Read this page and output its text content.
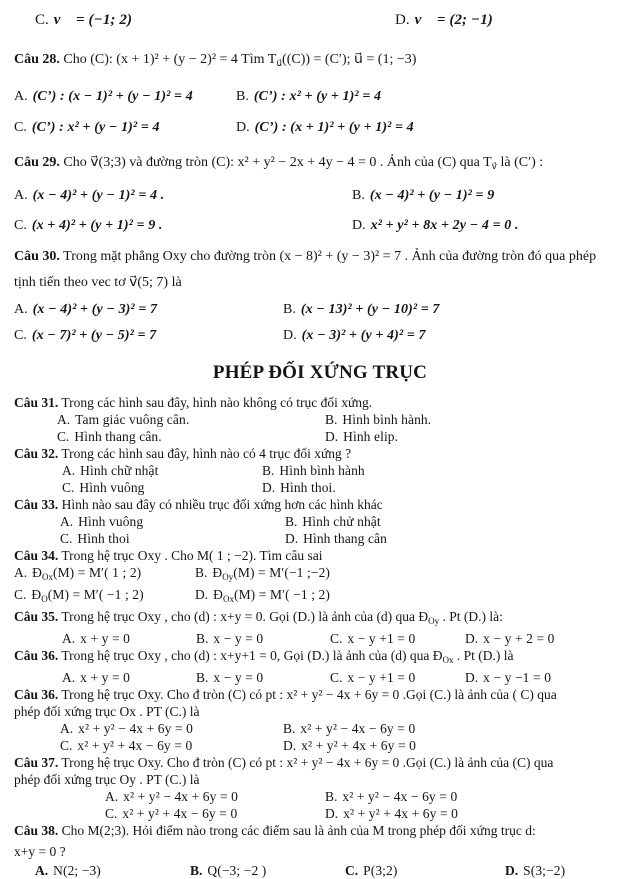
C. v⃗ = (−1; 2)	D. v⃗ = (2; −1)
Câu 28. Cho (C): (x + 1)² + (y − 2)² = 4 Tìm $T_{u⃗}((C)) = (C')$; u⃗ = (1; −3)
A. (C’) : (x − 1)² + (y − 1)² = 4	B. (C’) : x² + (y + 1)² = 4
C. (C’) : x² + (y − 1)² = 4	D. (C’) : (x + 1)² + (y + 1)² = 4
Câu 29. Cho v⃗(3;3) và đường tròn (C): x² + y² − 2x + 4y − 4 = 0 . Ảnh của (C) qua $T_{v⃗}$ là (C′) :
A. (x − 4)² + (y − 1)² = 4 .	B. (x − 4)² + (y − 1)² = 9
C. (x + 4)² + (y + 1)² = 9 .	D. x² + y² + 8x + 2y − 4 = 0 .
Câu 30. Trong mặt phẳng Oxy cho đường tròn (x − 8)² + (y − 3)² = 7 . Ảnh của đường tròn đó qua phép
tịnh tiến theo vec tơ v⃗(5; 7) là
A. (x − 4)² + (y − 3)² = 7	B. (x − 13)² + (y − 10)² = 7
C. (x − 7)² + (y − 5)² = 7	D. (x − 3)² + (y + 4)² = 7
PHÉP ĐỐI XỨNG TRỤC
Câu 31. Trong các hình sau đây, hình nào không có trục đối xứng.
A. Tam giác vuông cân.	B. Hình bình hành.
C. Hình thang cân.	D. Hình elip.
Câu 32. Trong các hình sau đây, hình nào có 4 trục đối xứng ?
A. Hình chữ nhật	B. Hình bình hành
C. Hình vuông	D. Hình thoi.
Câu 33. Hình nào sau đây có nhiều trục đối xứng hơn các hình khác
A. Hình vuông	B. Hình chử nhật
C. Hình thoi	D. Hình thang cân
Câu 34. Trong hệ trục Oxy . Cho M( 1 ; −2). Tìm câu sai
A. $Đ_{Ox}(M) = M'$( 1 ; 2)	B. $Đ_{Oy}(M) = M'(-1$ ;−2)
C. $Đ_O(M) = M'( -1$ ; 2)	D. $Đ_{Ox}(M) = M'( -1$ ; 2)
Câu 35. Trong hệ trục Oxy , cho (d) : x+y = 0. Gọi (D.) là ảnh của (d) qua $Đ_{Oy}$ . Pt (D.) là:
A. x + y = 0	B. x − y = 0	C. x − y +1 = 0	D. x − y + 2 = 0
Câu 36. Trong hệ trục Oxy , cho (d) : x+y+1 = 0, Gọi (D.) là ảnh của (d) qua $Đ_{Ox}$ . Pt (D.) là
A. x + y = 0	B. x − y = 0	C. x − y +1 = 0	D. x − y −1 = 0
Câu 36. Trong hệ trục Oxy. Cho đ tròn (C) có pt : x² + y² − 4x + 6y = 0 .Gọi (C.) là ảnh của ( C) qua
phép đối xứng trục Ox . PT (C.) là
A. x² + y² − 4x + 6y = 0	B. x² + y² − 4x − 6y = 0
C. x² + y² + 4x − 6y = 0	D. x² + y² + 4x + 6y = 0
Câu 37. Trong hệ trục Oxy. Cho đ tròn (C) có pt : x² + y² − 4x + 6y = 0 .Gọi (C.) là ảnh của (C) qua
phép đối xứng trục Oy . PT (C.) là
A. x² + y² − 4x + 6y = 0	B. x² + y² − 4x − 6y = 0
C. x² + y² + 4x − 6y = 0	D. x² + y² + 4x + 6y = 0
Câu 38. Cho M(2;3). Hỏi điểm nào trong các điểm sau là ảnh của M trong phép đối xứng trục d:
x+y = 0 ?
A. N(2; −3)	B. Q(−3; −2 )	C. P(3;2)	D. S(3;−2)
